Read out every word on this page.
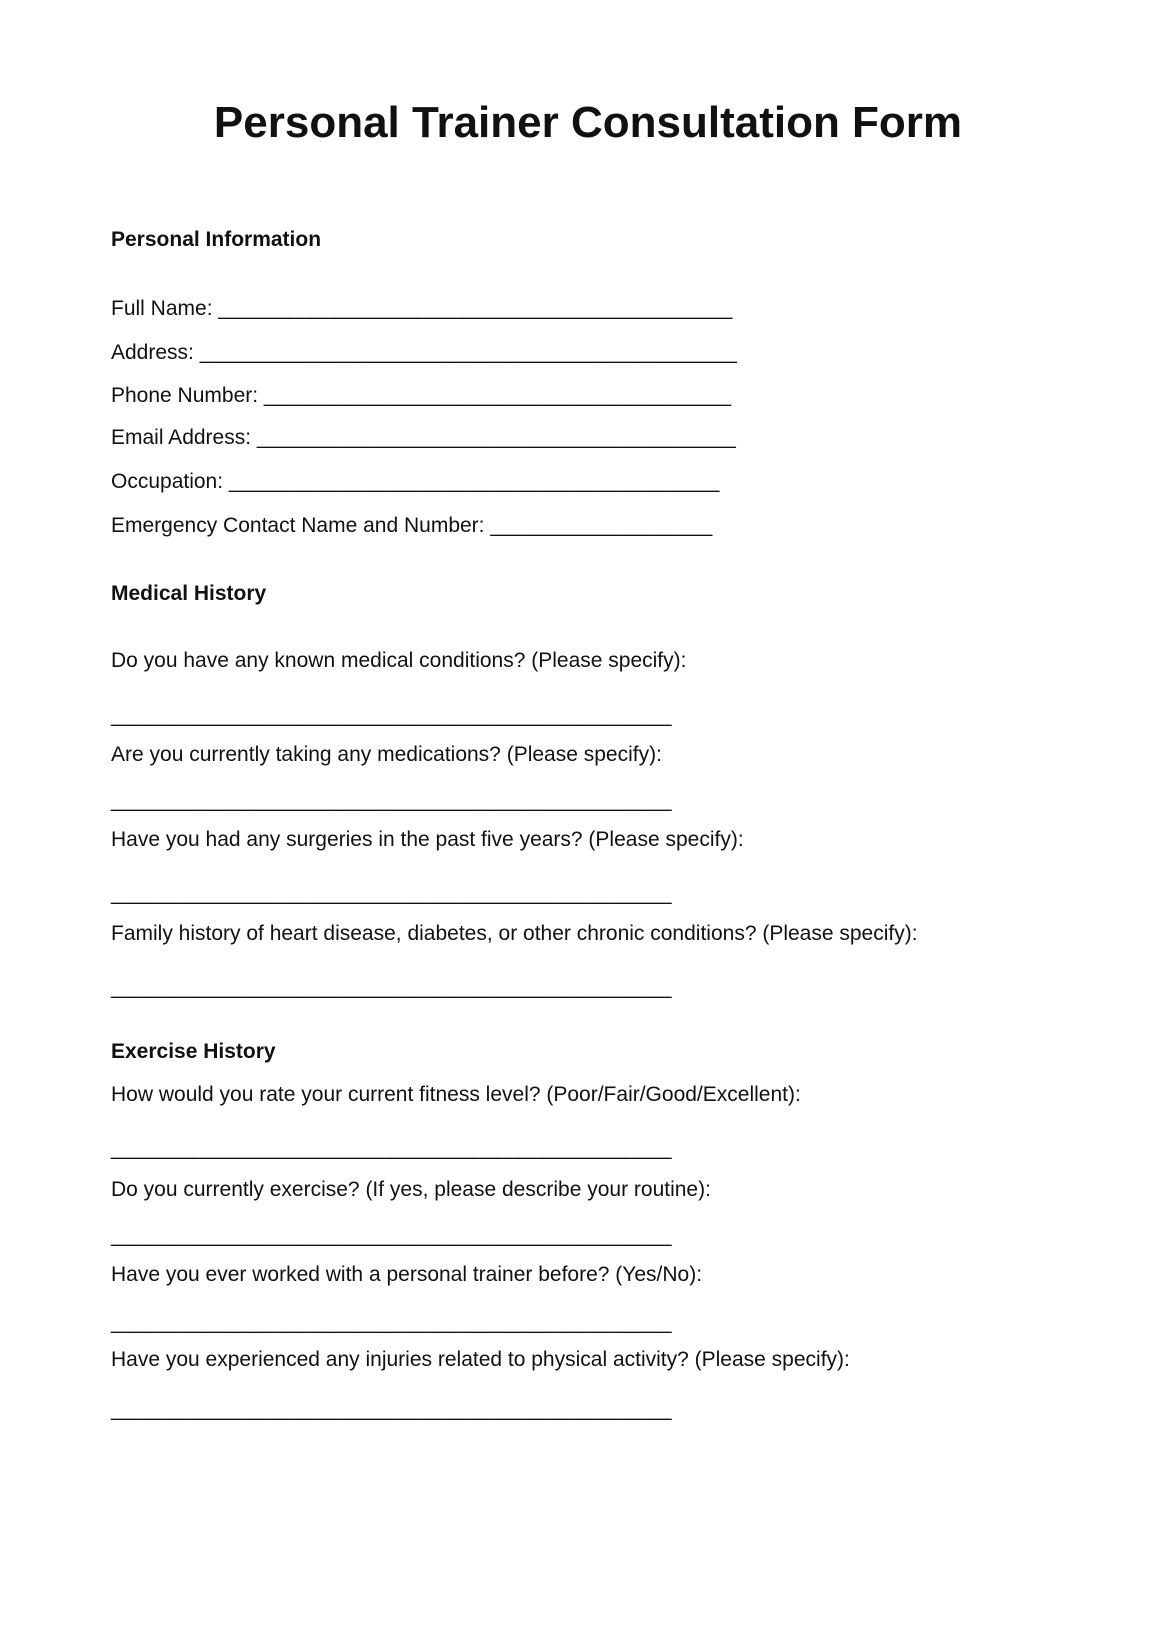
Personal Trainer Consultation Form
Personal Information
Full Name: ____________________________________________
Address: ______________________________________________
Phone Number: ________________________________________
Email Address: _________________________________________
Occupation: __________________________________________
Emergency Contact Name and Number: ___________________
Medical History
Do you have any known medical conditions? (Please specify):
________________________________________________
Are you currently taking any medications? (Please specify):
________________________________________________
Have you had any surgeries in the past five years? (Please specify):
________________________________________________
Family history of heart disease, diabetes, or other chronic conditions? (Please specify):
________________________________________________
Exercise History
How would you rate your current fitness level? (Poor/Fair/Good/Excellent):
________________________________________________
Do you currently exercise? (If yes, please describe your routine):
________________________________________________
Have you ever worked with a personal trainer before? (Yes/No):
________________________________________________
Have you experienced any injuries related to physical activity? (Please specify):
________________________________________________
